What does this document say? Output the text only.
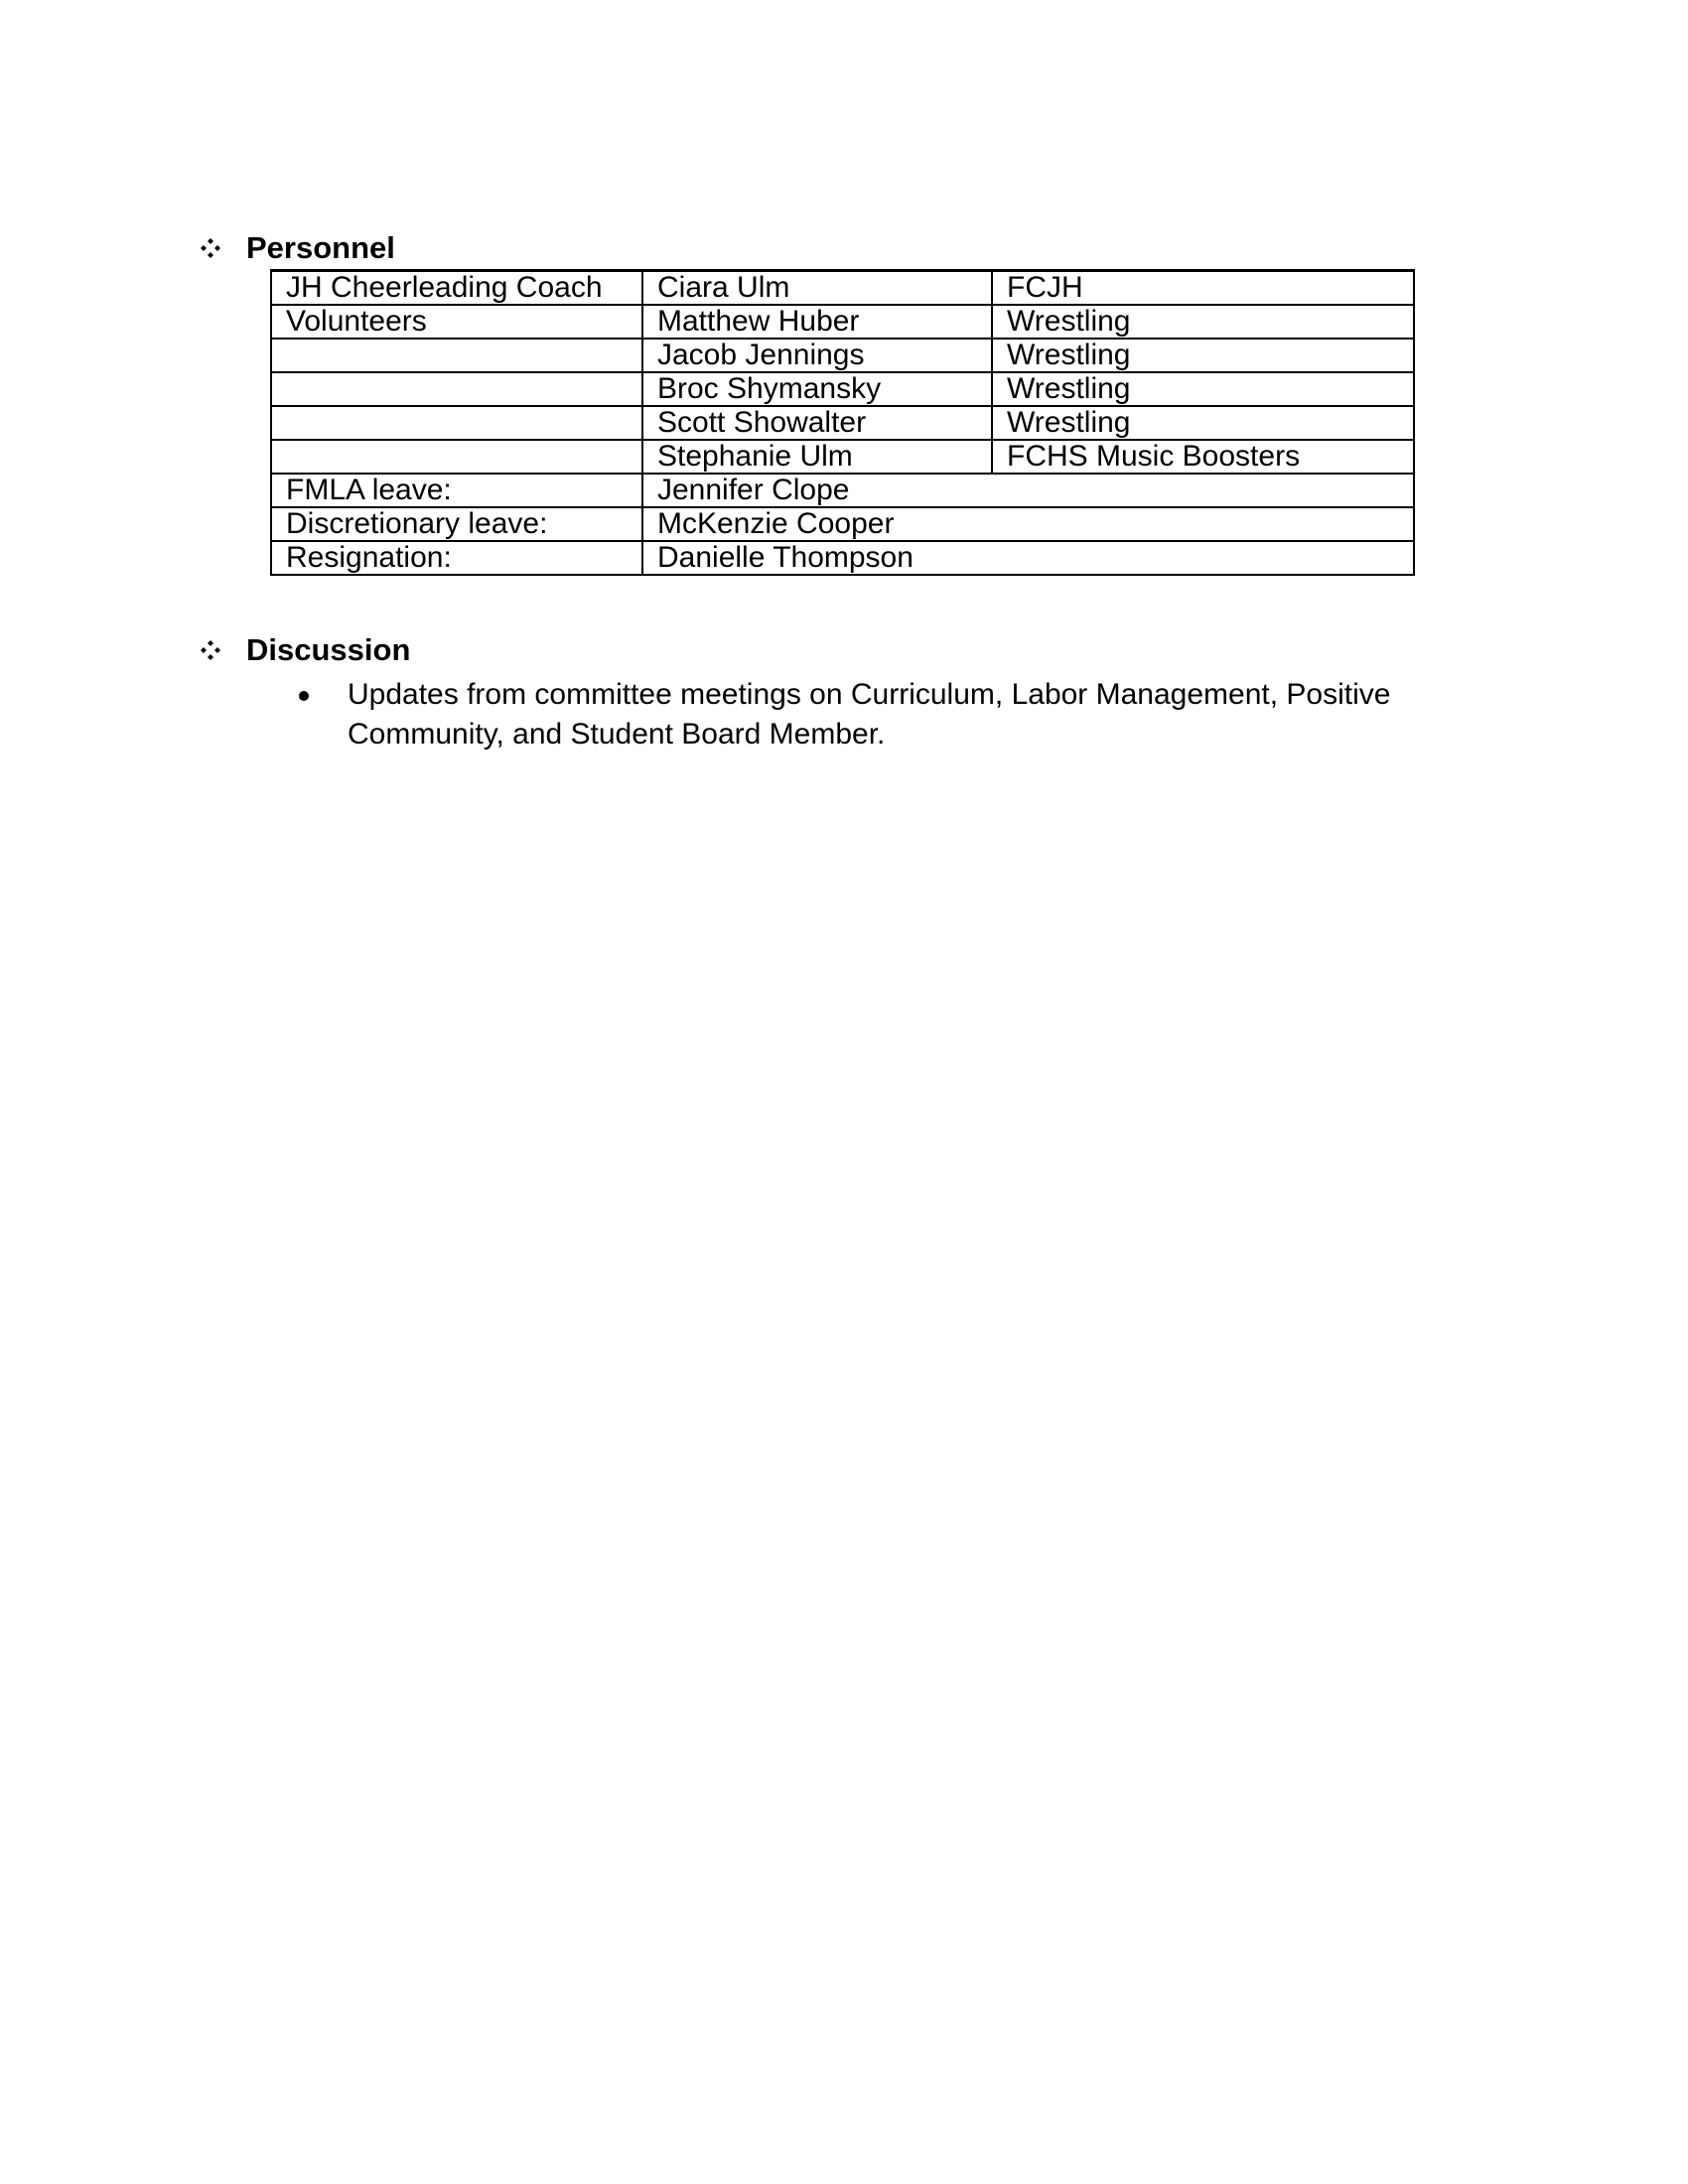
Personnel
JH Cheerleading Coach	Ciara Ulm	FCJH
Volunteers	Matthew Huber	Wrestling
	Jacob Jennings	Wrestling
	Broc Shymansky	Wrestling
	Scott Showalter	Wrestling
	Stephanie Ulm	FCHS Music Boosters
FMLA leave:	Jennifer Clope	
Discretionary leave:	McKenzie Cooper	
Resignation:	Danielle Thompson	
Discussion
Updates from committee meetings on Curriculum, Labor Management, Positive Community, and Student Board Member.
